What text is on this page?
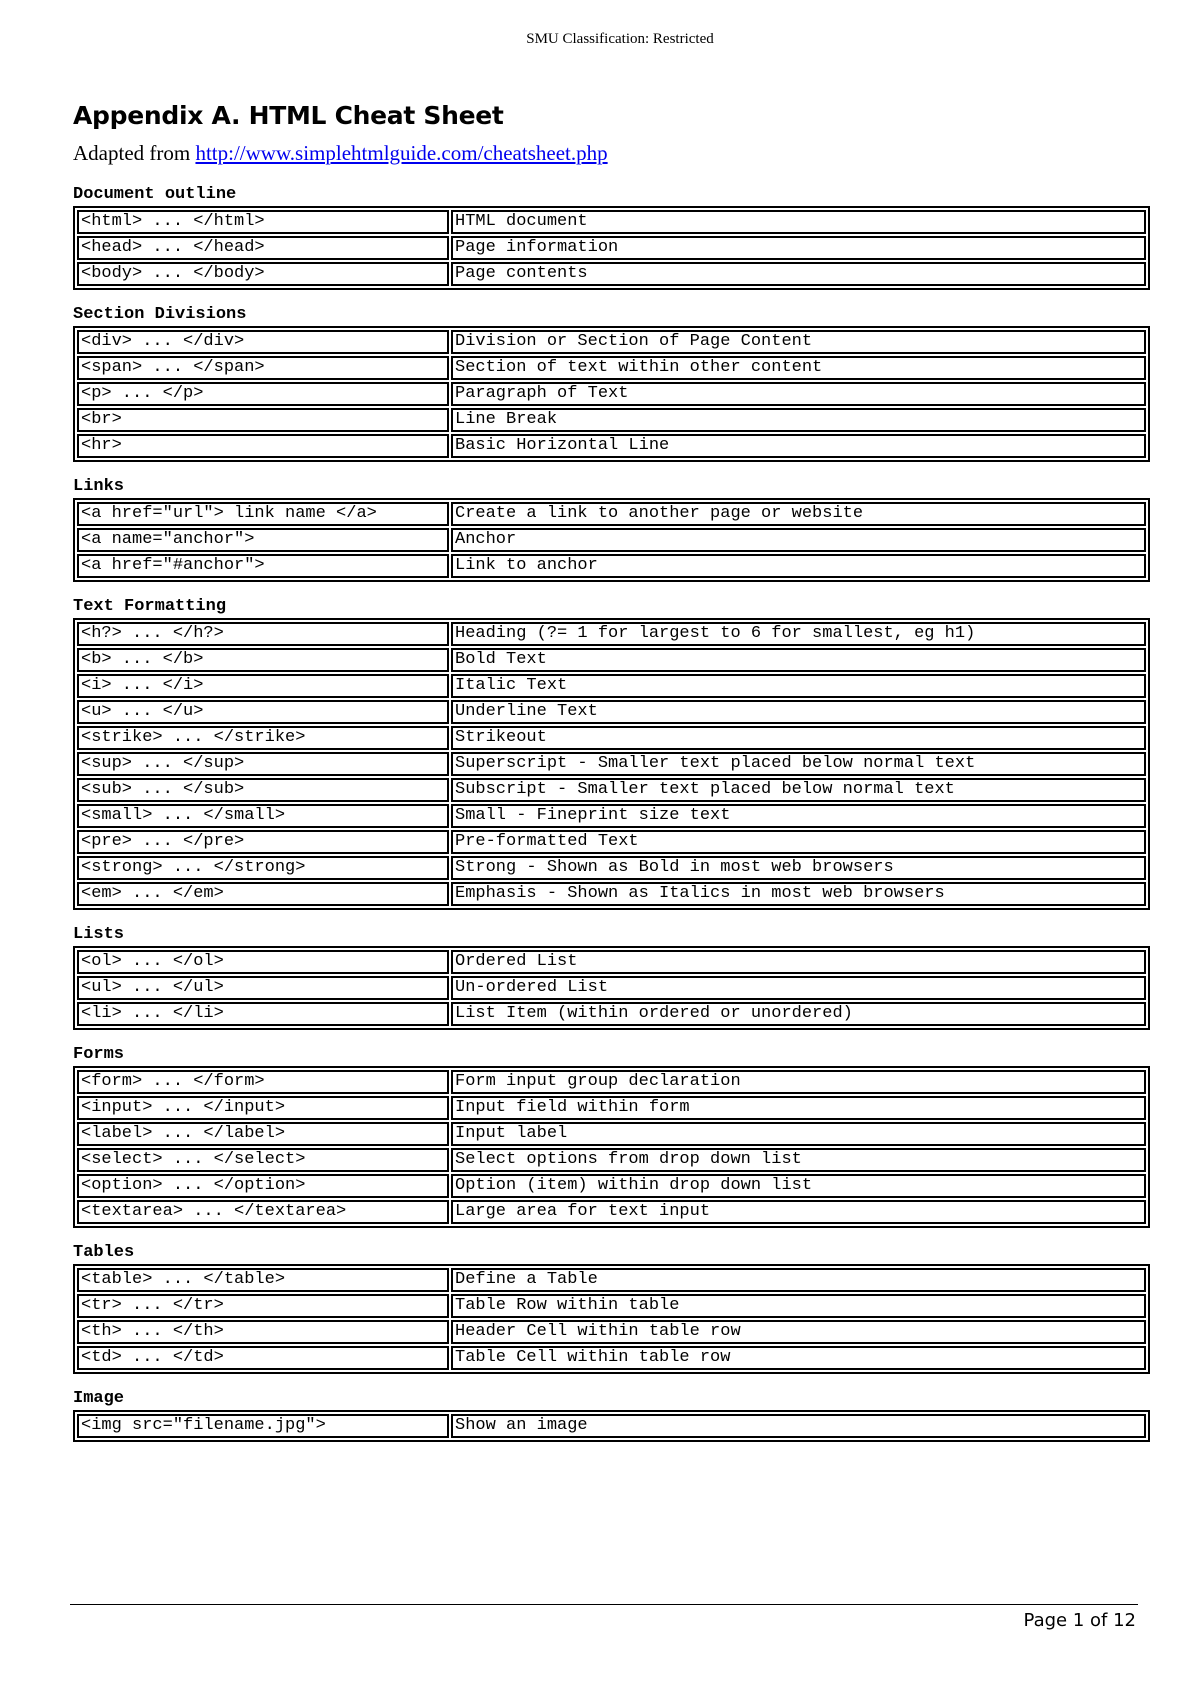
SMU Classification: Restricted
Appendix A. HTML Cheat Sheet
Adapted from http://www.simplehtmlguide.com/cheatsheet.php
Document outline
<html> ... </html>	HTML document
<head> ... </head>	Page information
<body> ... </body>	Page contents
Section Divisions
<div> ... </div>	Division or Section of Page Content
<span> ... </span>	Section of text within other content
<p> ... </p>	Paragraph of Text
<br>	Line Break
<hr>	Basic Horizontal Line
Links
<a href="url"> link name </a>	Create a link to another page or website
<a name="anchor">	Anchor
<a href="#anchor">	Link to anchor
Text Formatting
<h?> ... </h?>	Heading (?= 1 for largest to 6 for smallest, eg h1)
<b> ... </b>	Bold Text
<i> ... </i>	Italic Text
<u> ... </u>	Underline Text
<strike> ... </strike>	Strikeout
<sup> ... </sup>	Superscript - Smaller text placed below normal text
<sub> ... </sub>	Subscript - Smaller text placed below normal text
<small> ... </small>	Small - Fineprint size text
<pre> ... </pre>	Pre-formatted Text
<strong> ... </strong>	Strong - Shown as Bold in most web browsers
<em> ... </em>	Emphasis - Shown as Italics in most web browsers
Lists
<ol> ... </ol>	Ordered List
<ul> ... </ul>	Un-ordered List
<li> ... </li>	List Item (within ordered or unordered)
Forms
<form> ... </form>	Form input group declaration
<input> ... </input>	Input field within form
<label> ... </label>	Input label
<select> ... </select>	Select options from drop down list
<option> ... </option>	Option (item) within drop down list
<textarea> ... </textarea>	Large area for text input
Tables
<table> ... </table>	Define a Table
<tr> ... </tr>	Table Row within table
<th> ... </th>	Header Cell within table row
<td> ... </td>	Table Cell within table row
Image
<img src="filename.jpg">	Show an image
Page 1 of 12
